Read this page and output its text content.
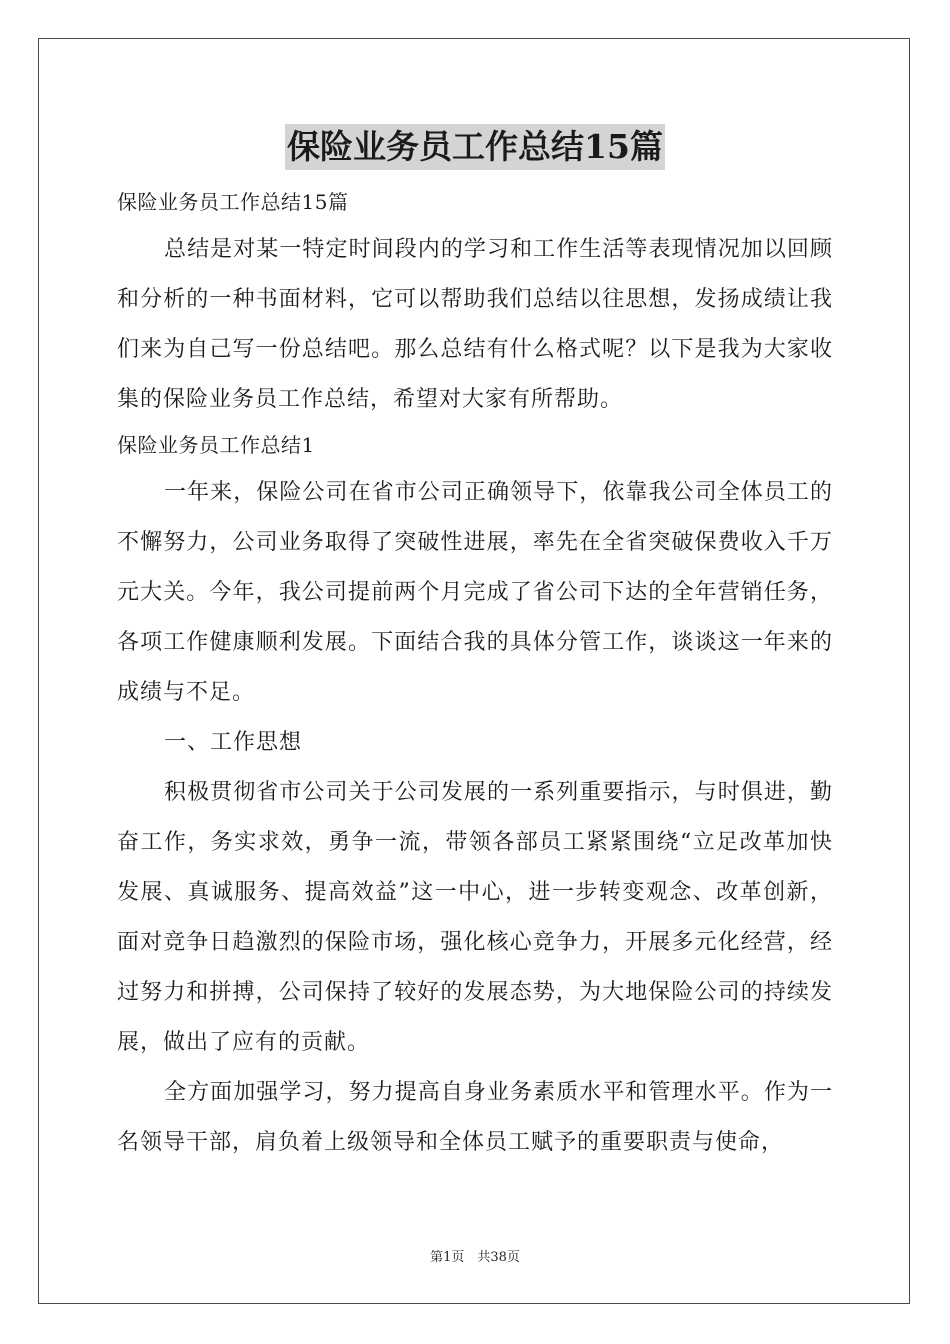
保险业务员工作总结15篇

保险业务员工作总结15篇

总结是对某一特定时间段内的学习和工作生活等表现情况加以回顾和分析的一种书面材料，它可以帮助我们总结以往思想，发扬成绩让我们来为自己写一份总结吧。那么总结有什么格式呢？以下是我为大家收集的保险业务员工作总结，希望对大家有所帮助。

保险业务员工作总结1

一年来，保险公司在省市公司正确领导下，依靠我公司全体员工的不懈努力，公司业务取得了突破性进展，率先在全省突破保费收入千万元大关。今年，我公司提前两个月完成了省公司下达的全年营销任务，各项工作健康顺利发展。下面结合我的具体分管工作，谈谈这一年来的成绩与不足。

一、工作思想

积极贯彻省市公司关于公司发展的一系列重要指示，与时俱进，勤奋工作，务实求效，勇争一流，带领各部员工紧紧围绕“立足改革加快发展、真诚服务、提高效益”这一中心，进一步转变观念、改革创新，面对竞争日趋激烈的保险市场，强化核心竞争力，开展多元化经营，经过努力和拼搏，公司保持了较好的发展态势，为大地保险公司的持续发展，做出了应有的贡献。

全方面加强学习，努力提高自身业务素质水平和管理水平。作为一名领导干部，肩负着上级领导和全体员工赋予的重要职责与使命，

第1页　共38页
